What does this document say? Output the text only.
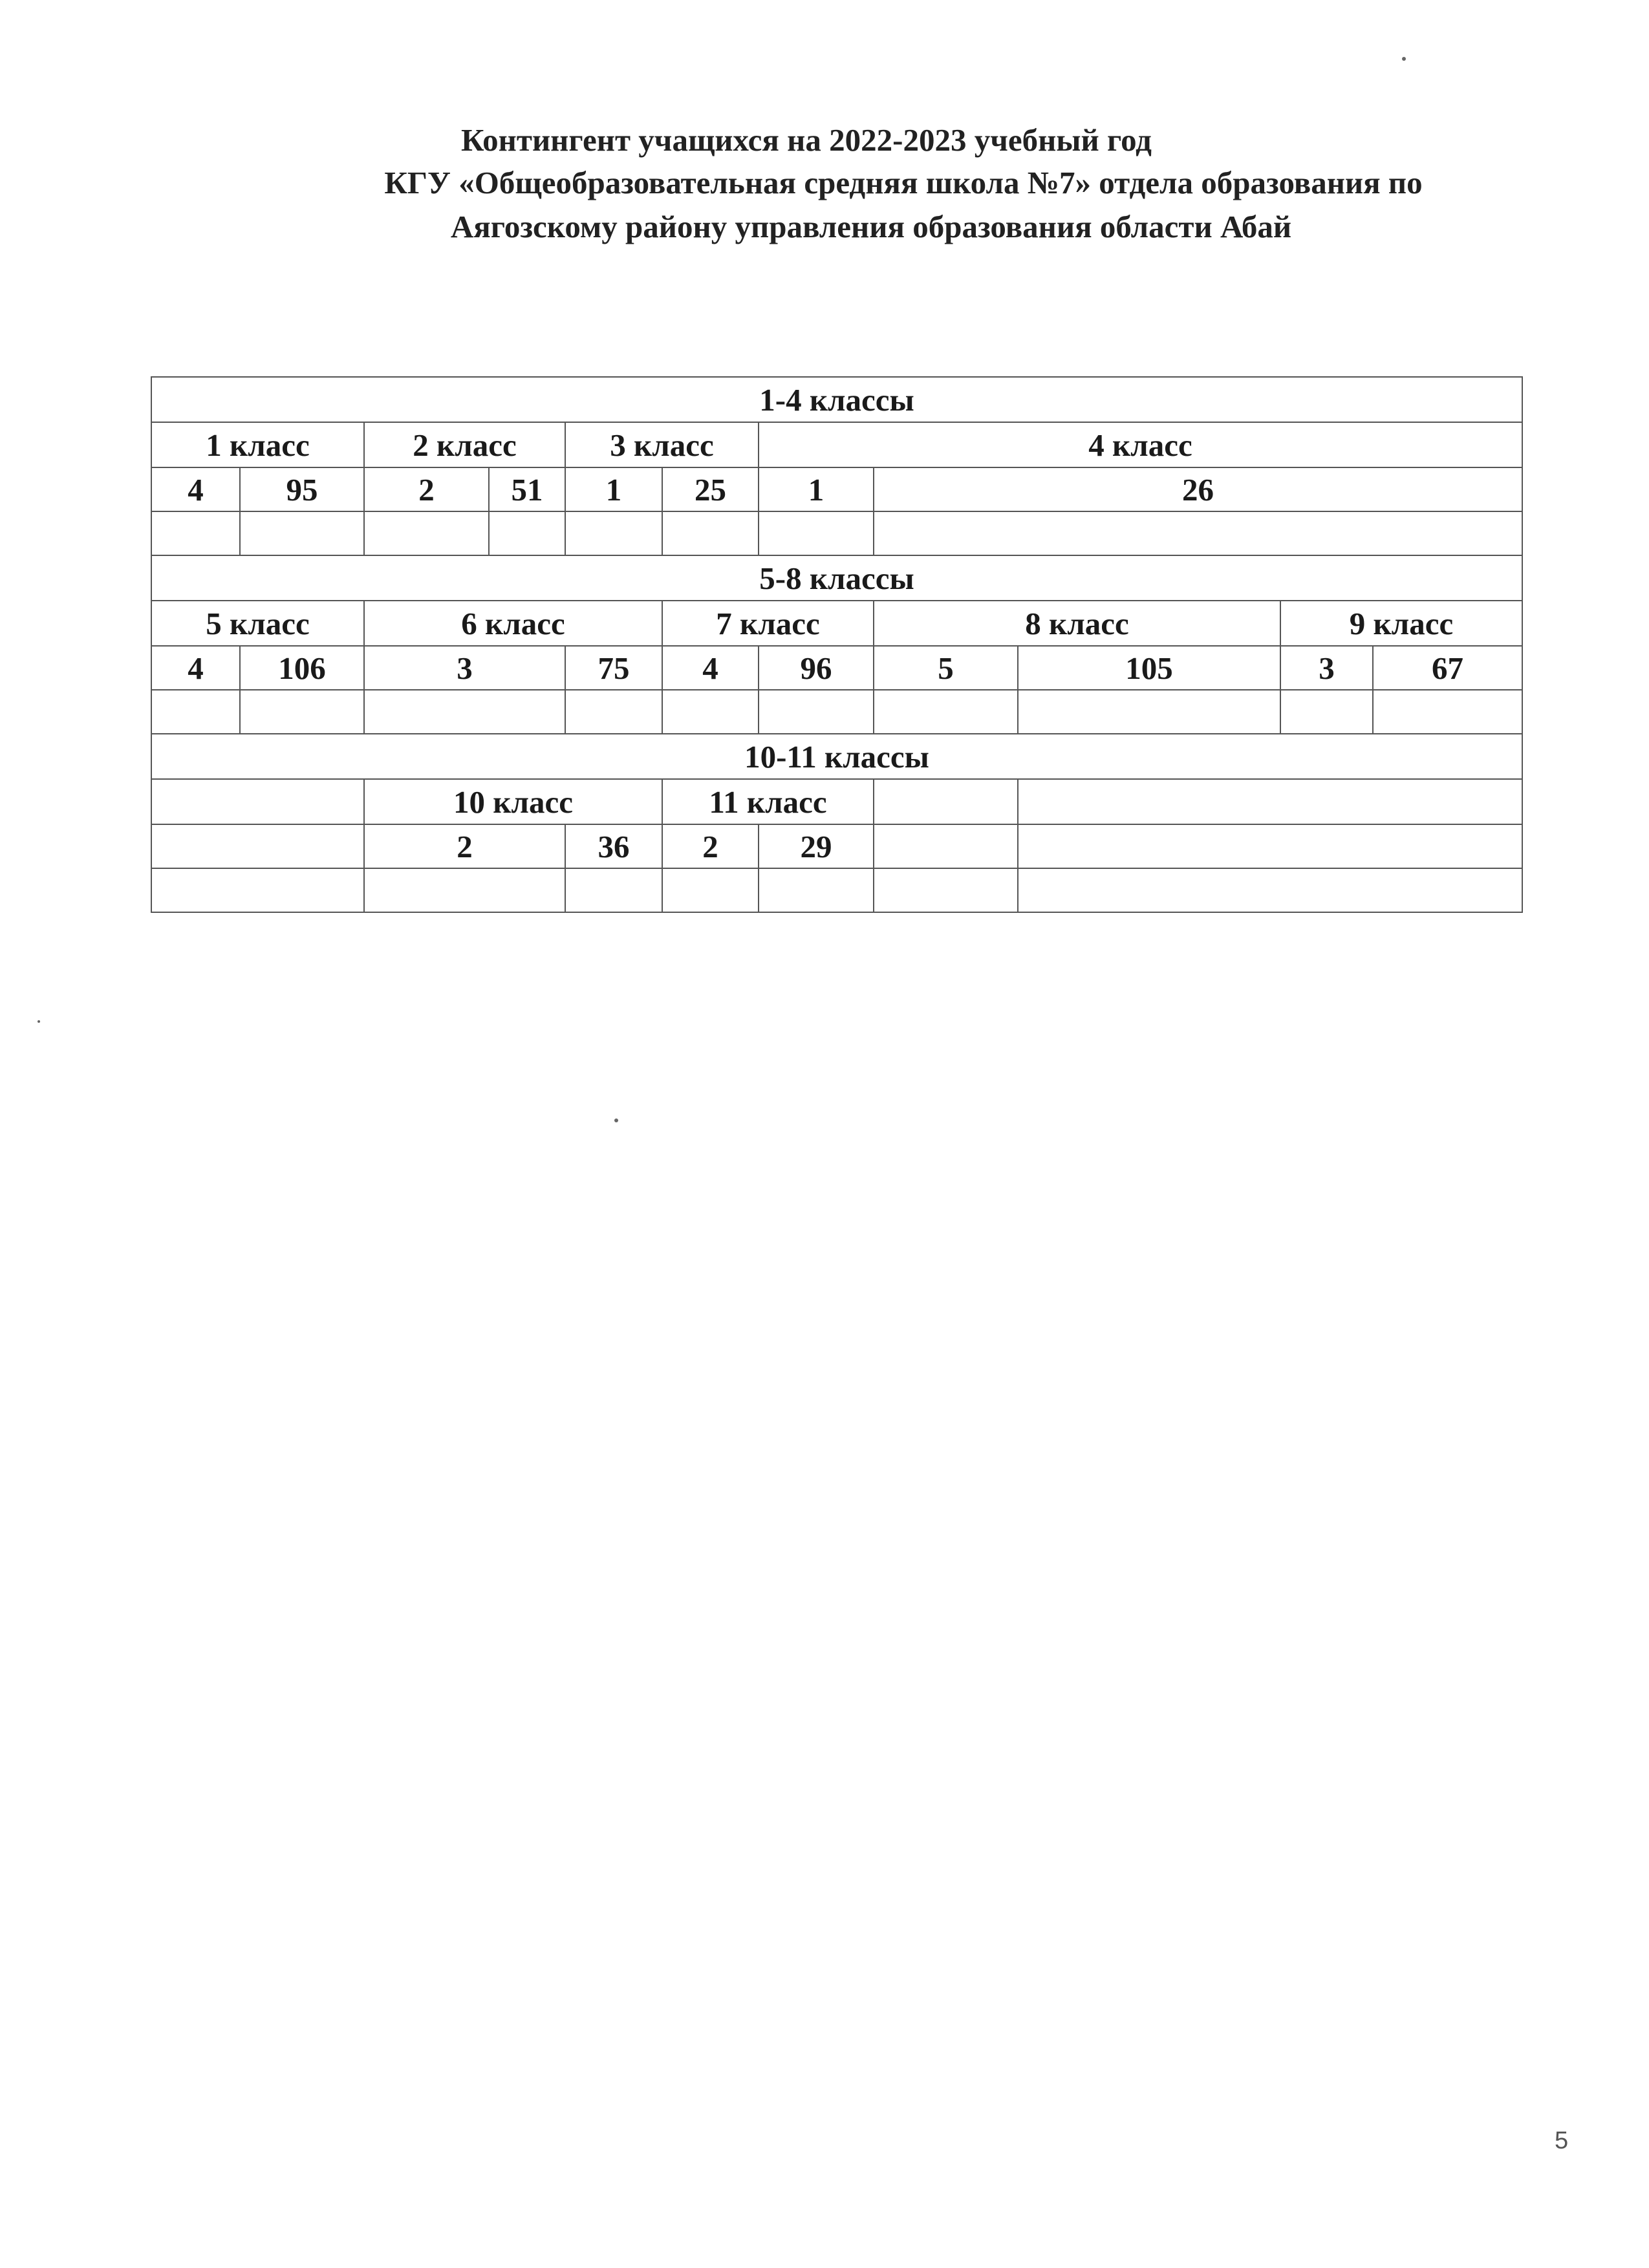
Контингент учащихся на 2022-2023 учебный год
КГУ «Общеобразовательная средняя школа №7» отдела образования по
Аягозскому району управления образования области Абай
1-4 классы										
1 класс		2 класс		3 класс		4 класс				
4	95	2	51	1	25	1	26			

5-8 классы										
5 класс		6 класс			7 класс		8 класс		9 класс	
4	106	3		75	4	96	5	105	3	67

10-11 классы										
		10 класс			11 класс					
		2		36	2	29				

5
